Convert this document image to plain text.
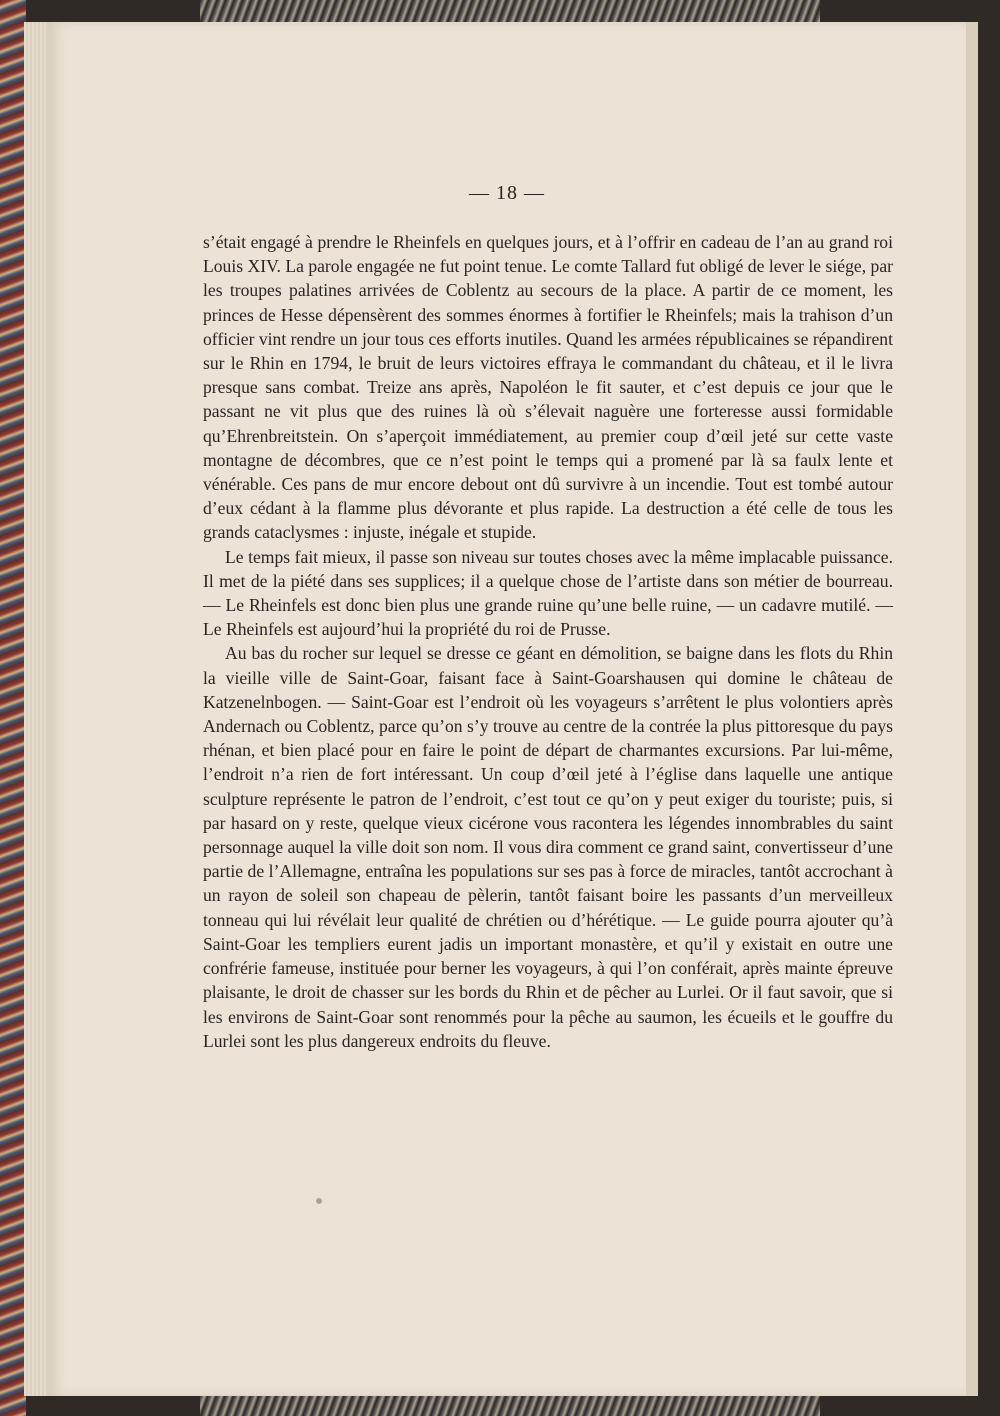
— 18 —

s’était engagé à prendre le Rheinfels en quelques jours, et à l’offrir en cadeau de l’an au grand roi Louis XIV. La parole engagée ne fut point tenue. Le comte Tallard fut obligé de lever le siége, par les troupes palatines arrivées de Coblentz au secours de la place. A partir de ce moment, les princes de Hesse dépensèrent des sommes énormes à fortifier le Rheinfels; mais la trahison d’un officier vint rendre un jour tous ces efforts inutiles. Quand les armées républicaines se répandirent sur le Rhin en 1794, le bruit de leurs victoires effraya le commandant du château, et il le livra presque sans combat. Treize ans après, Napoléon le fit sauter, et c’est depuis ce jour que le passant ne vit plus que des ruines là où s’élevait naguère une forteresse aussi formidable qu’Ehrenbreitstein. On s’aperçoit immédiatement, au premier coup d’œil jeté sur cette vaste montagne de décombres, que ce n’est point le temps qui a promené par là sa faulx lente et vénérable. Ces pans de mur encore debout ont dû survivre à un incendie. Tout est tombé autour d’eux cédant à la flamme plus dévorante et plus rapide. La destruction a été celle de tous les grands cataclysmes : injuste, inégale et stupide.

Le temps fait mieux, il passe son niveau sur toutes choses avec la même implacable puissance. Il met de la piété dans ses supplices; il a quelque chose de l’artiste dans son métier de bourreau. — Le Rheinfels est donc bien plus une grande ruine qu’une belle ruine, — un cadavre mutilé. — Le Rheinfels est aujourd’hui la propriété du roi de Prusse.

Au bas du rocher sur lequel se dresse ce géant en démolition, se baigne dans les flots du Rhin la vieille ville de Saint-Goar, faisant face à Saint-Goarshausen qui domine le château de Katzenelnbogen. — Saint-Goar est l’endroit où les voyageurs s’arrêtent le plus volontiers après Andernach ou Coblentz, parce qu’on s’y trouve au centre de la contrée la plus pittoresque du pays rhénan, et bien placé pour en faire le point de départ de charmantes excursions. Par lui-même, l’endroit n’a rien de fort intéressant. Un coup d’œil jeté à l’église dans laquelle une antique sculpture représente le patron de l’endroit, c’est tout ce qu’on y peut exiger du touriste; puis, si par hasard on y reste, quelque vieux cicérone vous racontera les légendes innombrables du saint personnage auquel la ville doit son nom. Il vous dira comment ce grand saint, convertisseur d’une partie de l’Allemagne, entraîna les populations sur ses pas à force de miracles, tantôt accrochant à un rayon de soleil son chapeau de pèlerin, tantôt faisant boire les passants d’un merveilleux tonneau qui lui révélait leur qualité de chrétien ou d’hérétique. — Le guide pourra ajouter qu’à Saint-Goar les templiers eurent jadis un important monastère, et qu’il y existait en outre une confrérie fameuse, instituée pour berner les voyageurs, à qui l’on conférait, après mainte épreuve plaisante, le droit de chasser sur les bords du Rhin et de pêcher au Lurlei. Or il faut savoir, que si les environs de Saint-Goar sont renommés pour la pêche au saumon, les écueils et le gouffre du Lurlei sont les plus dangereux endroits du fleuve.
